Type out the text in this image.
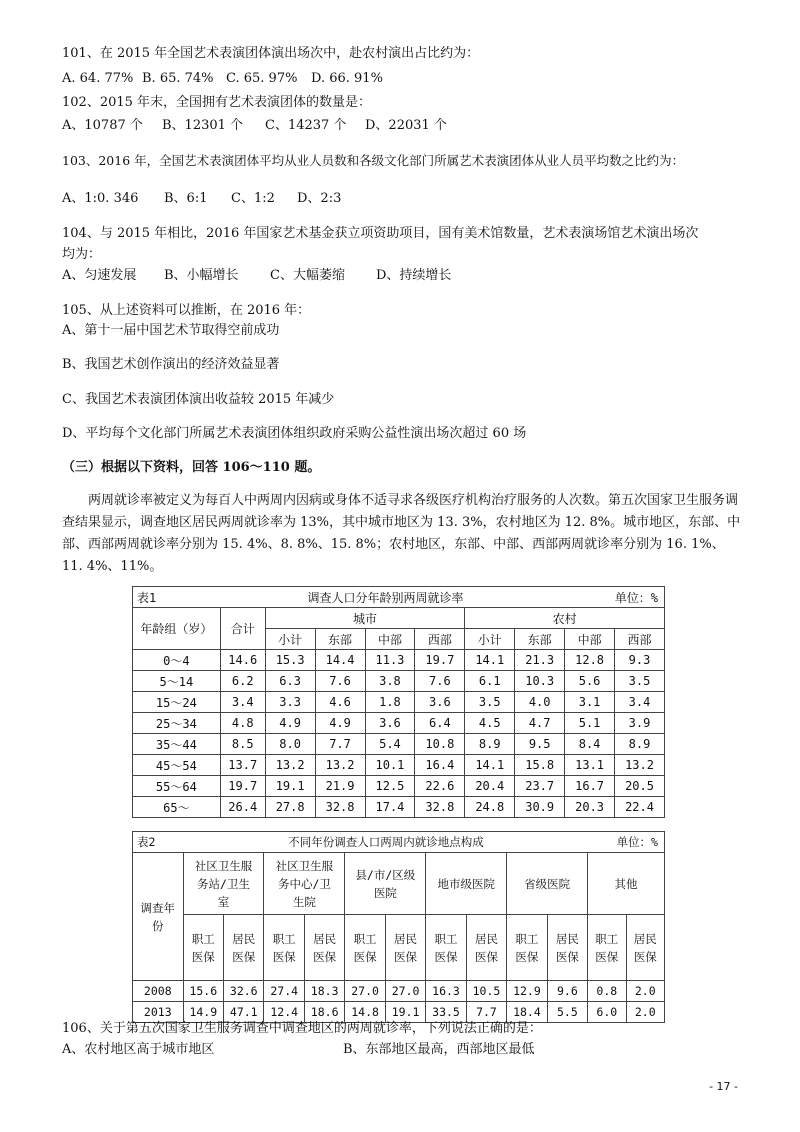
101、在 2015 年全国艺术表演团体演出场次中，赴农村演出占比约为：
A. 64. 77% B. 65. 74% C. 65. 97% D. 66. 91%
102、2015 年末，全国拥有艺术表演团体的数量是：
A、10787 个 B、12301 个 C、14237 个 D、22031 个
103、2016 年，全国艺术表演团体平均从业人员数和各级文化部门所属艺术表演团体从业人员平均数之比约为：
A、1:0. 346 B、6:1 C、1:2 D、2:3
104、与 2015 年相比，2016 年国家艺术基金获立项资助项目，国有美术馆数量，艺术表演场馆艺术演出场次
均为：
A、匀速发展 B、小幅增长 C、大幅萎缩 D、持续增长
105、从上述资料可以推断，在 2016 年：
A、第十一届中国艺术节取得空前成功
B、我国艺术创作演出的经济效益显著
C、我国艺术表演团体演出收益较 2015 年减少
D、平均每个文化部门所属艺术表演团体组织政府采购公益性演出场次超过 60 场
（三）根据以下资料，回答 106～110 题。
两周就诊率被定义为每百人中两周内因病或身体不适寻求各级医疗机构治疗服务的人次数。第五次国家卫生服务调查结果显示，调查地区居民两周就诊率为 13%，其中城市地区为 13. 3%，农村地区为 12. 8%。城市地区，东部、中部、西部两周就诊率分别为 15. 4%、8. 8%、15. 8%；农村地区，东部、中部、西部两周就诊率分别为 16. 1%、11. 4%、11%。
表1 单位：%
调查人口分年龄别两周就诊率									

年龄组（岁）	合计	城市				农村			
		小计	东部	中部	西部	小计	东部	中部	西部
0～4	14.6	15.3	14.4	11.3	19.7	14.1	21.3	12.8	9.3
5～14	6.2	6.3	7.6	3.8	7.6	6.1	10.3	5.6	3.5
15～24	3.4	3.3	4.6	1.8	3.6	3.5	4.0	3.1	3.4
25～34	4.8	4.9	4.9	3.6	6.4	4.5	4.7	5.1	3.9
35～44	8.5	8.0	7.7	5.4	10.8	8.9	9.5	8.4	8.9
45～54	13.7	13.2	13.2	10.1	16.4	14.1	15.8	13.1	13.2
55～64	19.7	19.1	21.9	12.5	22.6	20.4	23.7	16.7	20.5
65～	26.4	27.8	32.8	17.4	32.8	24.8	30.9	20.3	22.4
表2 单位：%
不同年份调查人口两周内就诊地点构成												

调查年份	社区卫生服务站/卫生室		社区卫生服务中心/卫生院		县/市/区级医院		地市级医院		省级医院		其他	
	职工医保	居民医保	职工医保	居民医保	职工医保	居民医保	职工医保	居民医保	职工医保	居民医保	职工医保	居民医保
2008	15.6	32.6	27.4	18.3	27.0	27.0	16.3	10.5	12.9	9.6	0.8	2.0
2013	14.9	47.1	12.4	18.6	14.8	19.1	33.5	7.7	18.4	5.5	6.0	2.0
106、关于第五次国家卫生服务调查中调查地区的两周就诊率，下列说法正确的是：
A、农村地区高于城市地区	B、东部地区最高，西部地区最低
- 17 -
